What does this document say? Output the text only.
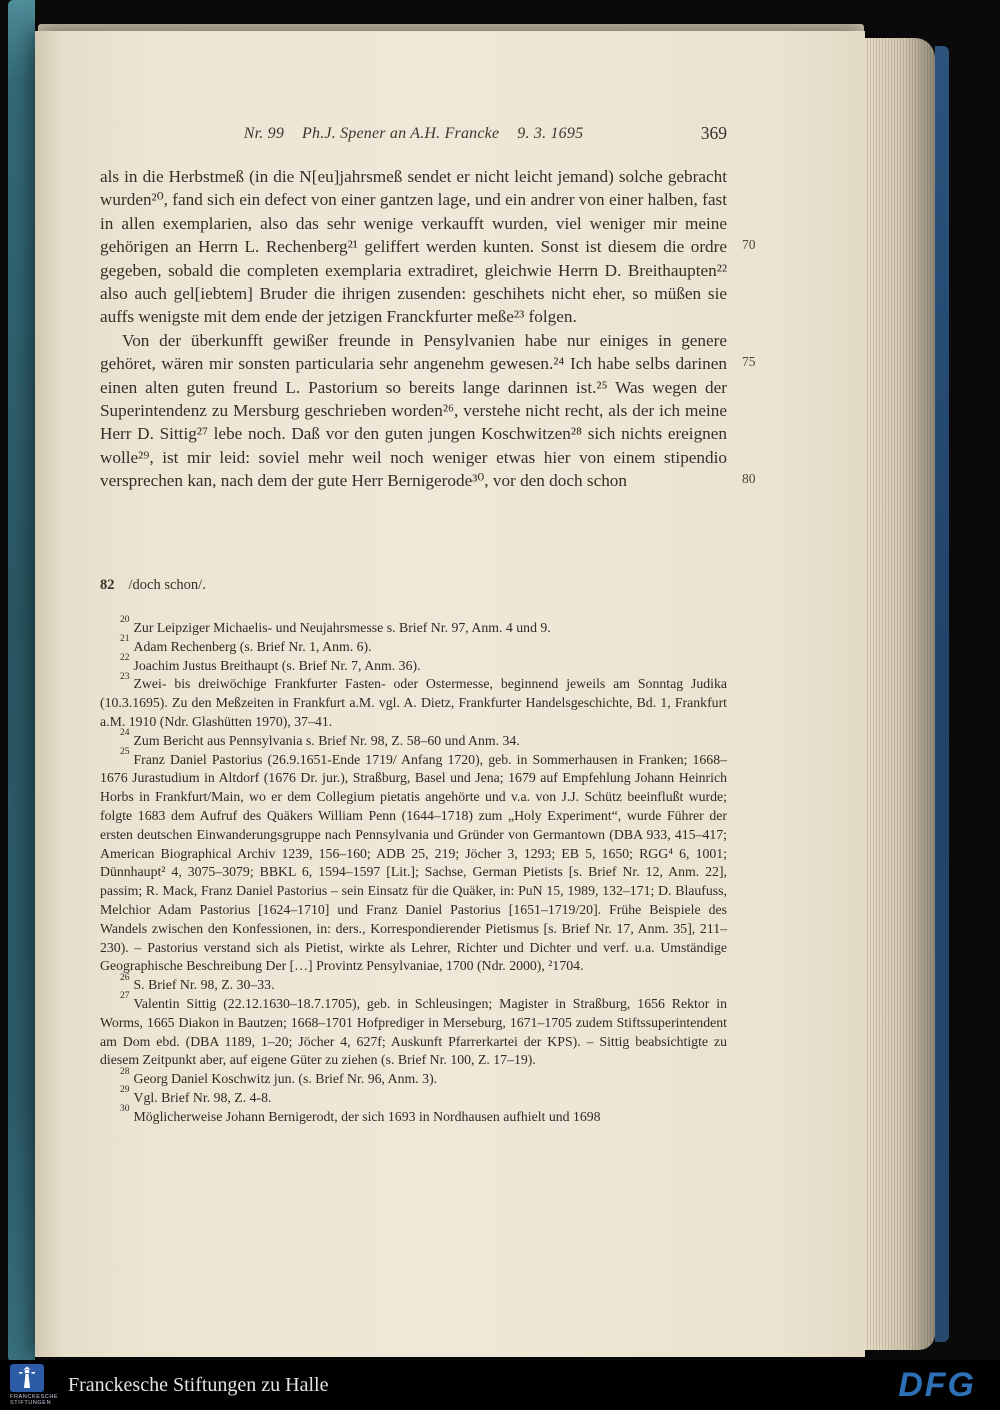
Nr. 99 Ph.J. Spener an A.H. Francke 9. 3. 1695	369

als in die Herbstmeß (in die N[eu]jahrsmeß sendet er nicht leicht jemand) solche gebracht wurden²⁰, fand sich ein defect von einer gantzen lage, und ein andrer von einer halben, fast in allen exemplarien, also das sehr wenige verkaufft wurden, viel weniger mir meine gehörigen an Herrn L. Rechenberg²¹ geliffert werden kunten. Sonst ist diesem die ordre gegeben, sobald die completen exemplaria extradiret, gleichwie Herrn D. Breithaupten²² also auch gel[iebtem] Bruder die ihrigen zusenden: geschihets nicht eher, so müßen sie auffs wenigste mit dem ende der jetzigen Franckfurter meße²³ folgen.

Von der überkunfft gewißer freunde in Pensylvanien habe nur einiges in genere gehöret, wären mir sonsten particularia sehr angenehm gewesen.²⁴ Ich habe selbs darinen einen alten guten freund L. Pastorium so bereits lange darinnen ist.²⁵ Was wegen der Superintendenz zu Mersburg geschrieben worden²⁶, verstehe nicht recht, als der ich meine Herr D. Sittig²⁷ lebe noch. Daß vor den guten jungen Koschwitzen²⁸ sich nichts ereignen wolle²⁹, ist mir leid: soviel mehr weil noch weniger etwas hier von einem stipendio versprechen kan, nach dem der gute Herr Bernigerode³⁰, vor den doch schon

70
75
80
82 /doch schon/.

$^{20}$ Zur Leipziger Michaelis- und Neujahrsmesse s. Brief Nr. 97, Anm. 4 und 9.

$^{21}$ Adam Rechenberg (s. Brief Nr. 1, Anm. 6).

$^{22}$ Joachim Justus Breithaupt (s. Brief Nr. 7, Anm. 36).

$^{23}$ Zwei- bis dreiwöchige Frankfurter Fasten- oder Ostermesse, beginnend jeweils am Sonntag Judika (10.3.1695). Zu den Meßzeiten in Frankfurt a.M. vgl. A. Dietz, Frankfurter Handelsgeschichte, Bd. 1, Frankfurt a.M. 1910 (Ndr. Glashütten 1970), 37–41.

$^{24}$ Zum Bericht aus Pennsylvania s. Brief Nr. 98, Z. 58–60 und Anm. 34.

$^{25}$ Franz Daniel Pastorius (26.9.1651-Ende 1719/ Anfang 1720), geb. in Sommerhausen in Franken; 1668–1676 Jurastudium in Altdorf (1676 Dr. jur.), Straßburg, Basel und Jena; 1679 auf Empfehlung Johann Heinrich Horbs in Frankfurt/Main, wo er dem Collegium pietatis angehörte und v.a. von J.J. Schütz beeinflußt wurde; folgte 1683 dem Aufruf des Quäkers William Penn (1644–1718) zum „Holy Experiment“, wurde Führer der ersten deutschen Einwanderungsgruppe nach Pennsylvania und Gründer von Germantown (DBA 933, 415–417; American Biographical Archiv 1239, 156–160; ADB 25, 219; Jöcher 3, 1293; EB 5, 1650; RGG⁴ 6, 1001; Dünnhaupt² 4, 3075–3079; BBKL 6, 1594–1597 [Lit.]; Sachse, German Pietists [s. Brief Nr. 12, Anm. 22], passim; R. Mack, Franz Daniel Pastorius – sein Einsatz für die Quäker, in: PuN 15, 1989, 132–171; D. Blaufuss, Melchior Adam Pastorius [1624–1710] und Franz Daniel Pastorius [1651–1719/20]. Frühe Beispiele des Wandels zwischen den Konfessionen, in: ders., Korrespondierender Pietismus [s. Brief Nr. 17, Anm. 35], 211–230). – Pastorius verstand sich als Pietist, wirkte als Lehrer, Richter und Dichter und verf. u.a. Umständige Geographische Beschreibung Der […] Provintz Pensylvaniae, 1700 (Ndr. 2000), ²1704.

$^{26}$ S. Brief Nr. 98, Z. 30–33.

$^{27}$ Valentin Sittig (22.12.1630–18.7.1705), geb. in Schleusingen; Magister in Straßburg, 1656 Rektor in Worms, 1665 Diakon in Bautzen; 1668–1701 Hofprediger in Merseburg, 1671–1705 zudem Stiftssuperintendent am Dom ebd. (DBA 1189, 1–20; Jöcher 4, 627f; Auskunft Pfarrerkartei der KPS). – Sittig beabsichtigte zu diesem Zeitpunkt aber, auf eigene Güter zu ziehen (s. Brief Nr. 100, Z. 17–19).

$^{28}$ Georg Daniel Koschwitz jun. (s. Brief Nr. 96, Anm. 3).

$^{29}$ Vgl. Brief Nr. 98, Z. 4-8.

$^{30}$ Möglicherweise Johann Bernigerodt, der sich 1693 in Nordhausen aufhielt und 1698

FRANCKESCHE STIFTUNGEN
Franckesche Stiftungen zu Halle	DFG
